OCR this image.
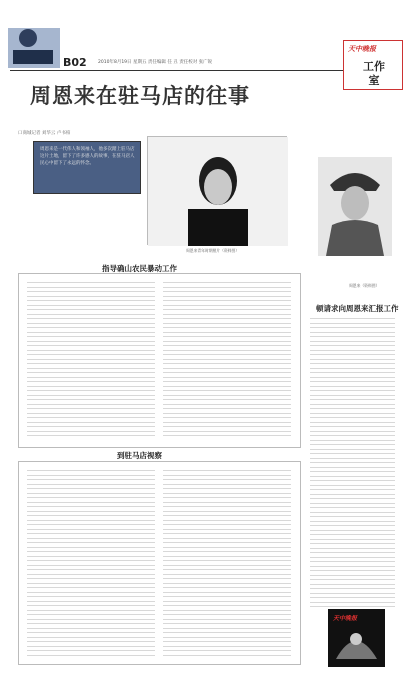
B02	2010年8月19日 星期五 责任编辑 任 丑 责任校对 张广锐
天中晚报
工作
室
周恩来在驻马店的往事
口商城记者 刘华云 卢书柏
周恩来是一代伟人和领袖人，他多次踏上驻马店这片土地，留下了许多感人的故事，在驻马店人民心中留下了永远的怀念。
周恩来青年时期照片（资料图）
周恩来（资料图）
指导确山农民暴动工作
到驻马店视察
顿请求向周恩来汇报工作
天中晚报
